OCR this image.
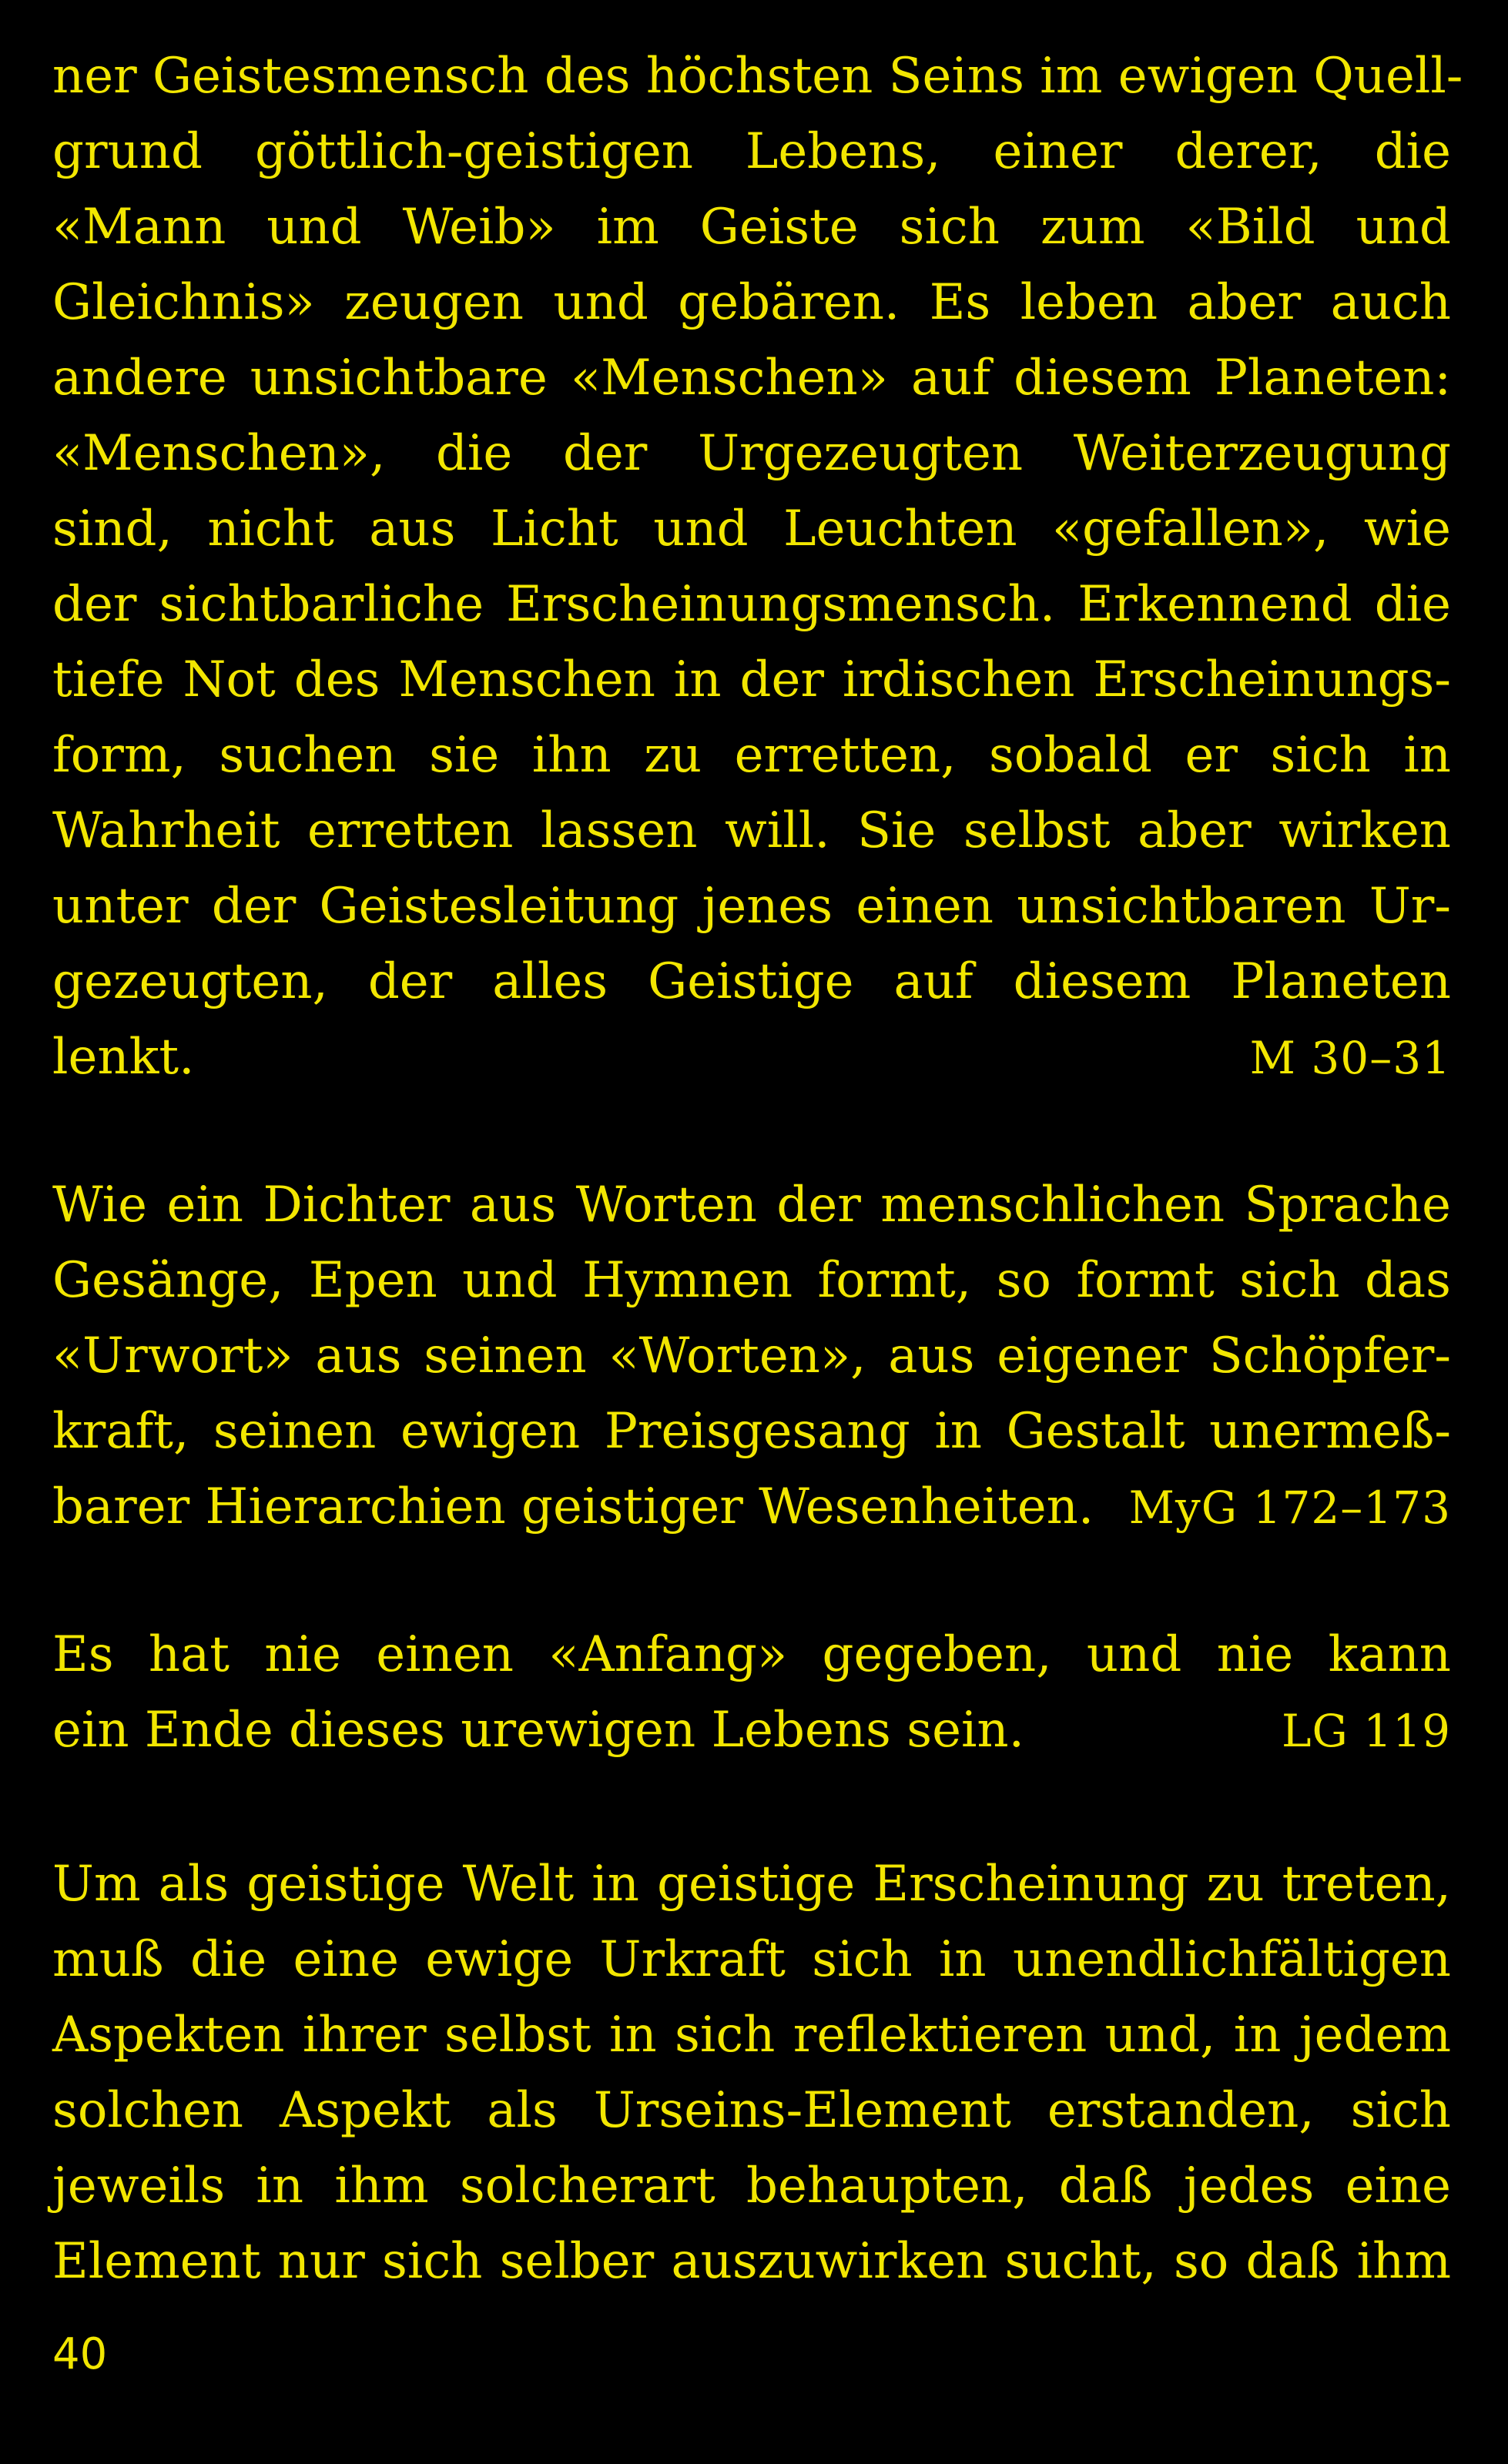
ner Geistesmensch des höchsten Seins im ewigen Quell-
grund göttlich-geistigen Lebens, einer derer, die
«Mann und Weib» im Geiste sich zum «Bild und
Gleichnis» zeugen und gebären. Es leben aber auch
andere unsichtbare «Menschen» auf diesem Planeten:
«Menschen», die der Urgezeugten Weiterzeugung
sind, nicht aus Licht und Leuchten «gefallen», wie
der sichtbarliche Erscheinungsmensch. Erkennend die
tiefe Not des Menschen in der irdischen Erscheinungs-
form, suchen sie ihn zu erretten, sobald er sich in
Wahrheit erretten lassen will. Sie selbst aber wirken
unter der Geistesleitung jenes einen unsichtbaren Ur-
gezeugten, der alles Geistige auf diesem Planeten
lenkt.	M 30–31
Wie ein Dichter aus Worten der menschlichen Sprache
Gesänge, Epen und Hymnen formt, so formt sich das
«Urwort» aus seinen «Worten», aus eigener Schöpfer-
kraft, seinen ewigen Preisgesang in Gestalt unermeß-
barer Hierarchien geistiger Wesenheiten. MyG 172–173
Es hat nie einen «Anfang» gegeben, und nie kann
ein Ende dieses urewigen Lebens sein.	LG 119
Um als geistige Welt in geistige Erscheinung zu treten,
muß die eine ewige Urkraft sich in unendlichfältigen
Aspekten ihrer selbst in sich reflektieren und, in jedem
solchen Aspekt als Urseins-Element erstanden, sich
jeweils in ihm solcherart behaupten, daß jedes eine
Element nur sich selber auszuwirken sucht, so daß ihm
40
